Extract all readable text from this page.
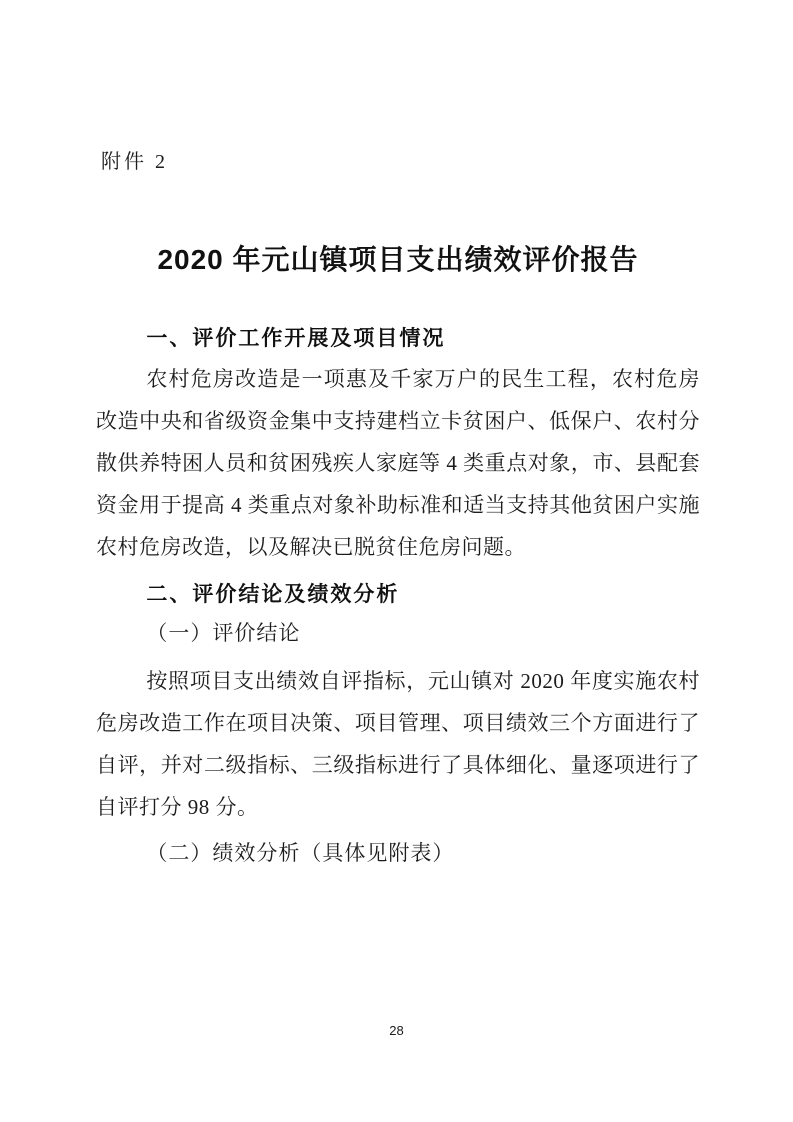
附件 2
2020 年元山镇项目支出绩效评价报告
一、评价工作开展及项目情况

农村危房改造是一项惠及千家万户的民生工程，农村危房改造中央和省级资金集中支持建档立卡贫困户、低保户、农村分散供养特困人员和贫困残疾人家庭等 4 类重点对象，市、县配套资金用于提高 4 类重点对象补助标准和适当支持其他贫困户实施农村危房改造，以及解决已脱贫住危房问题。

二、评价结论及绩效分析
（一）评价结论

按照项目支出绩效自评指标，元山镇对 2020 年度实施农村危房改造工作在项目决策、项目管理、项目绩效三个方面进行了自评，并对二级指标、三级指标进行了具体细化、量逐项进行了自评打分 98 分。

（二）绩效分析（具体见附表）
28
